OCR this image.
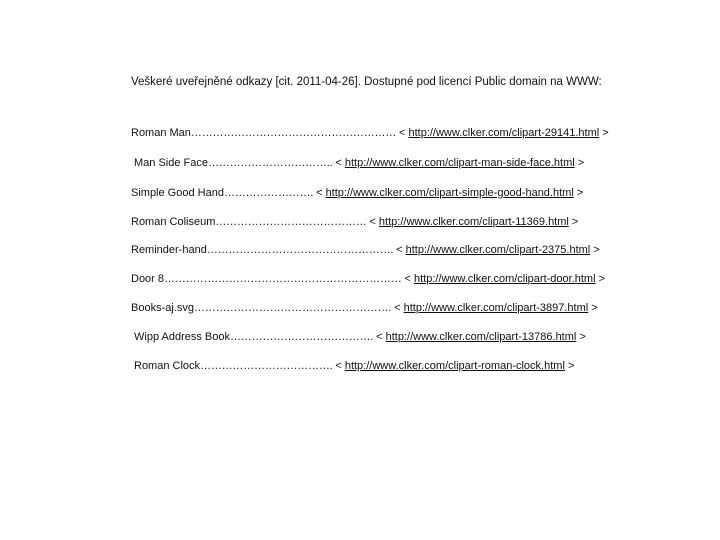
Veškeré uveřejněné odkazy [cit. 2011-04-26]. Dostupné pod licencí Public domain na WWW:
Roman Man………………………………………………… < http://www.clker.com/clipart-29141.html >
Man Side Face…………………………….. < http://www.clker.com/clipart-man-side-face.html >
Simple Good Hand……………………. < http://www.clker.com/clipart-simple-good-hand.html >
Roman Coliseum…………………………………… < http://www.clker.com/clipart-11369.html >
Reminder-hand……………………………………………. < http://www.clker.com/clipart-2375.html >
Door 8………………………………………………………… < http://www.clker.com/clipart-door.html >
Books-aj.svg………………………………………………. < http://www.clker.com/clipart-3897.html >
Wipp Address Book…………………………………. < http://www.clker.com/clipart-13786.html >
Roman Clock………………………………. < http://www.clker.com/clipart-roman-clock.html >
